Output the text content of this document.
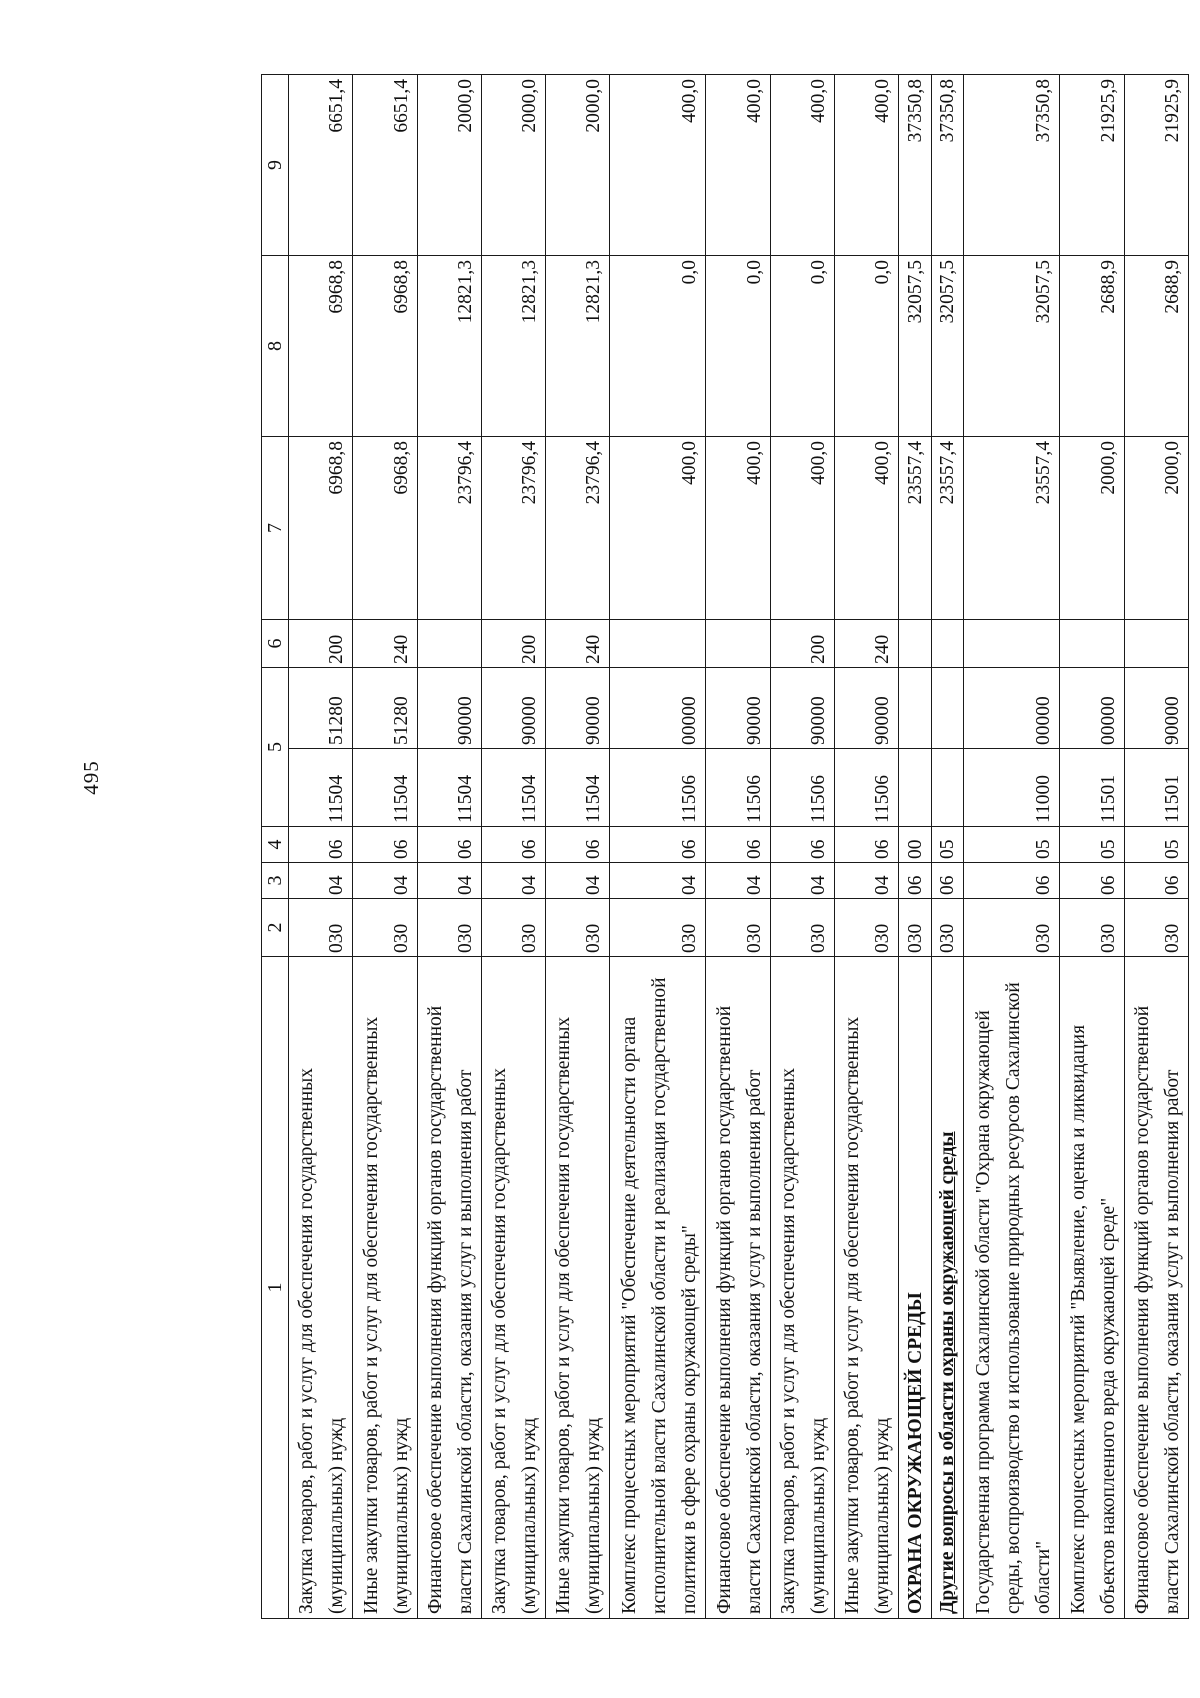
495
1	2	3	4	5		6	7	8	9
Закупка товаров, работ и услуг для обеспечения государственных (муниципальных) нужд	030	04	06	11504	51280	200	6968,8	6968,8	6651,4
Иные закупки товаров, работ и услуг для обеспечения государственных (муниципальных) нужд	030	04	06	11504	51280	240	6968,8	6968,8	6651,4
Финансовое обеспечение выполнения функций органов государственной власти Сахалинской области, оказания услуг и выполнения работ	030	04	06	11504	90000		23796,4	12821,3	2000,0
Закупка товаров, работ и услуг для обеспечения государственных (муниципальных) нужд	030	04	06	11504	90000	200	23796,4	12821,3	2000,0
Иные закупки товаров, работ и услуг для обеспечения государственных (муниципальных) нужд	030	04	06	11504	90000	240	23796,4	12821,3	2000,0
Комплекс процессных мероприятий "Обеспечение деятельности органа исполнительной власти Сахалинской области и реализация государственной политики в сфере охраны окружающей среды"	030	04	06	11506	00000		400,0	0,0	400,0
Финансовое обеспечение выполнения функций органов государственной власти Сахалинской области, оказания услуг и выполнения работ	030	04	06	11506	90000		400,0	0,0	400,0
Закупка товаров, работ и услуг для обеспечения государственных (муниципальных) нужд	030	04	06	11506	90000	200	400,0	0,0	400,0
Иные закупки товаров, работ и услуг для обеспечения государственных (муниципальных) нужд	030	04	06	11506	90000	240	400,0	0,0	400,0
ОХРАНА ОКРУЖАЮЩЕЙ СРЕДЫ	030	06	00				23557,4	32057,5	37350,8
Другие вопросы в области охраны окружающей среды	030	06	05				23557,4	32057,5	37350,8
Государственная программа Сахалинской области "Охрана окружающей среды, воспроизводство и использование природных ресурсов Сахалинской области"	030	06	05	11000	00000		23557,4	32057,5	37350,8
Комплекс процессных мероприятий "Выявление, оценка и ликвидация объектов накопленного вреда окружающей среде"	030	06	05	11501	00000		2000,0	2688,9	21925,9
Финансовое обеспечение выполнения функций органов государственной власти Сахалинской области, оказания услуг и выполнения работ	030	06	05	11501	90000		2000,0	2688,9	21925,9
